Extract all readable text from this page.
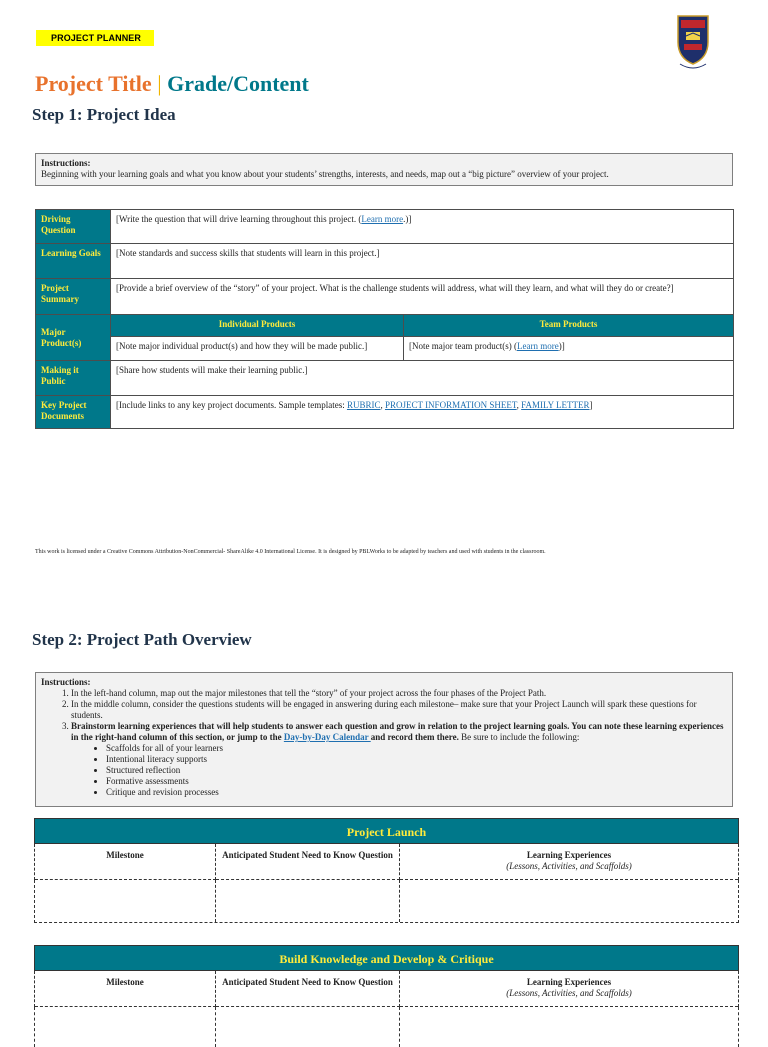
PROJECT PLANNER
Project Title | Grade/Content
Step 1: Project Idea
Instructions:
Beginning with your learning goals and what you know about your students’ strengths, interests, and needs, map out a “big picture” overview of your project.
Driving Question	[Write the question that will drive learning throughout this project. (Learn more.)]	
Learning Goals	[Note standards and success skills that students will learn in this project.]	
Project Summary	[Provide a brief overview of the “story” of your project. What is the challenge students will address, what will they learn, and what will they do or create?]	
Major Product(s)	Individual Products	Team Products
	[Note major individual product(s) and how they will be made public.]	[Note major team product(s) (Learn more)]
Making it Public	[Share how students will make their learning public.]	
Key Project Documents	[Include links to any key project documents. Sample templates: RUBRIC, PROJECT INFORMATION SHEET, FAMILY LETTER]	
This work is licensed under a Creative Commons Attribution-NonCommercial- ShareAlike 4.0 International License. It is designed by PBLWorks to be adapted by teachers and used with students in the classroom.
Step 2: Project Path Overview
Instructions:
1. In the left-hand column, map out the major milestones that tell the “story” of your project across the four phases of the Project Path.
2. In the middle column, consider the questions students will be engaged in answering during each milestone– make sure that your Project Launch will spark these questions for students.
3. Brainstorm learning experiences that will help students to answer each question and grow in relation to the project learning goals. You can note these learning experiences in the right-hand column of this section, or jump to the Day-by-Day Calendar and record them there. Be sure to include the following:
• Scaffolds for all of your learners
• Intentional literacy supports
• Structured reflection
• Formative assessments
• Critique and revision processes
Project Launch
Milestone	Anticipated Student Need to Know Question	Learning Experiences
(Lessons, Activities, and Scaffolds)
Build Knowledge and Develop & Critique
Milestone	Anticipated Student Need to Know Question	Learning Experiences
(Lessons, Activities, and Scaffolds)
